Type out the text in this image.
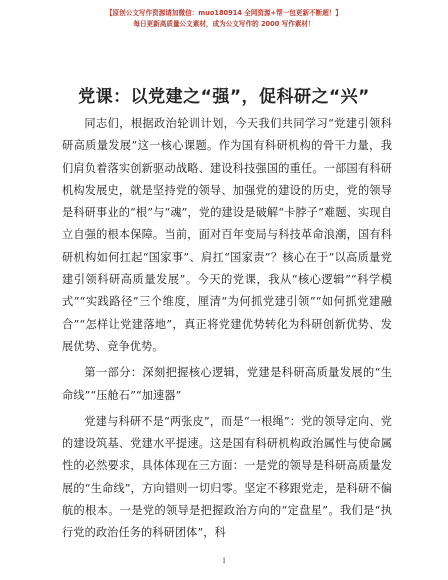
【原创公文写作资源请加微信：muo180914 全网资源+帮一包更新不断超！】
每日更新高质量公文素材，成为公文写作的 2000 写作素材！
党课：以党建之“强”，促科研之“兴”

同志们，根据政治轮训计划，今天我们共同学习“党建引领科研高质量发展”这一核心课题。作为国有科研机构的骨干力量，我们肩负着落实创新驱动战略、建设科技强国的重任。一部国有科研机构发展史，就是坚持党的领导、加强党的建设的历史，党的领导是科研事业的“根”与“魂”，党的建设是破解“卡脖子”难题、实现自立自强的根本保障。当前，面对百年变局与科技革命浪潮，国有科研机构如何扛起“国家事”、肩扛“国家责”？核心在于“以高质量党建引领科研高质量发展”。今天的党课，我从“核心逻辑”“科学模式”“实践路径”三个维度，厘清“为何抓党建引领”“如何抓党建融合”“怎样让党建落地”，真正将党建优势转化为科研创新优势、发展优势、竞争优势。

第一部分：深刻把握核心逻辑，党建是科研高质量发展的“生命线”“压舱石”“加速器”

党建与科研不是“两张皮”，而是“一根绳”：党的领导定向、党的建设筑基、党建水平提速。这是国有科研机构政治属性与使命属性的必然要求，具体体现在三方面：一是党的领导是科研高质量发展的“生命线”，方向错则一切归零。坚定不移跟党走，是科研不偏航的根本。一是党的领导是把握政治方向的“定盘星”。我们是“执行党的政治任务的科研团体”，科

1
